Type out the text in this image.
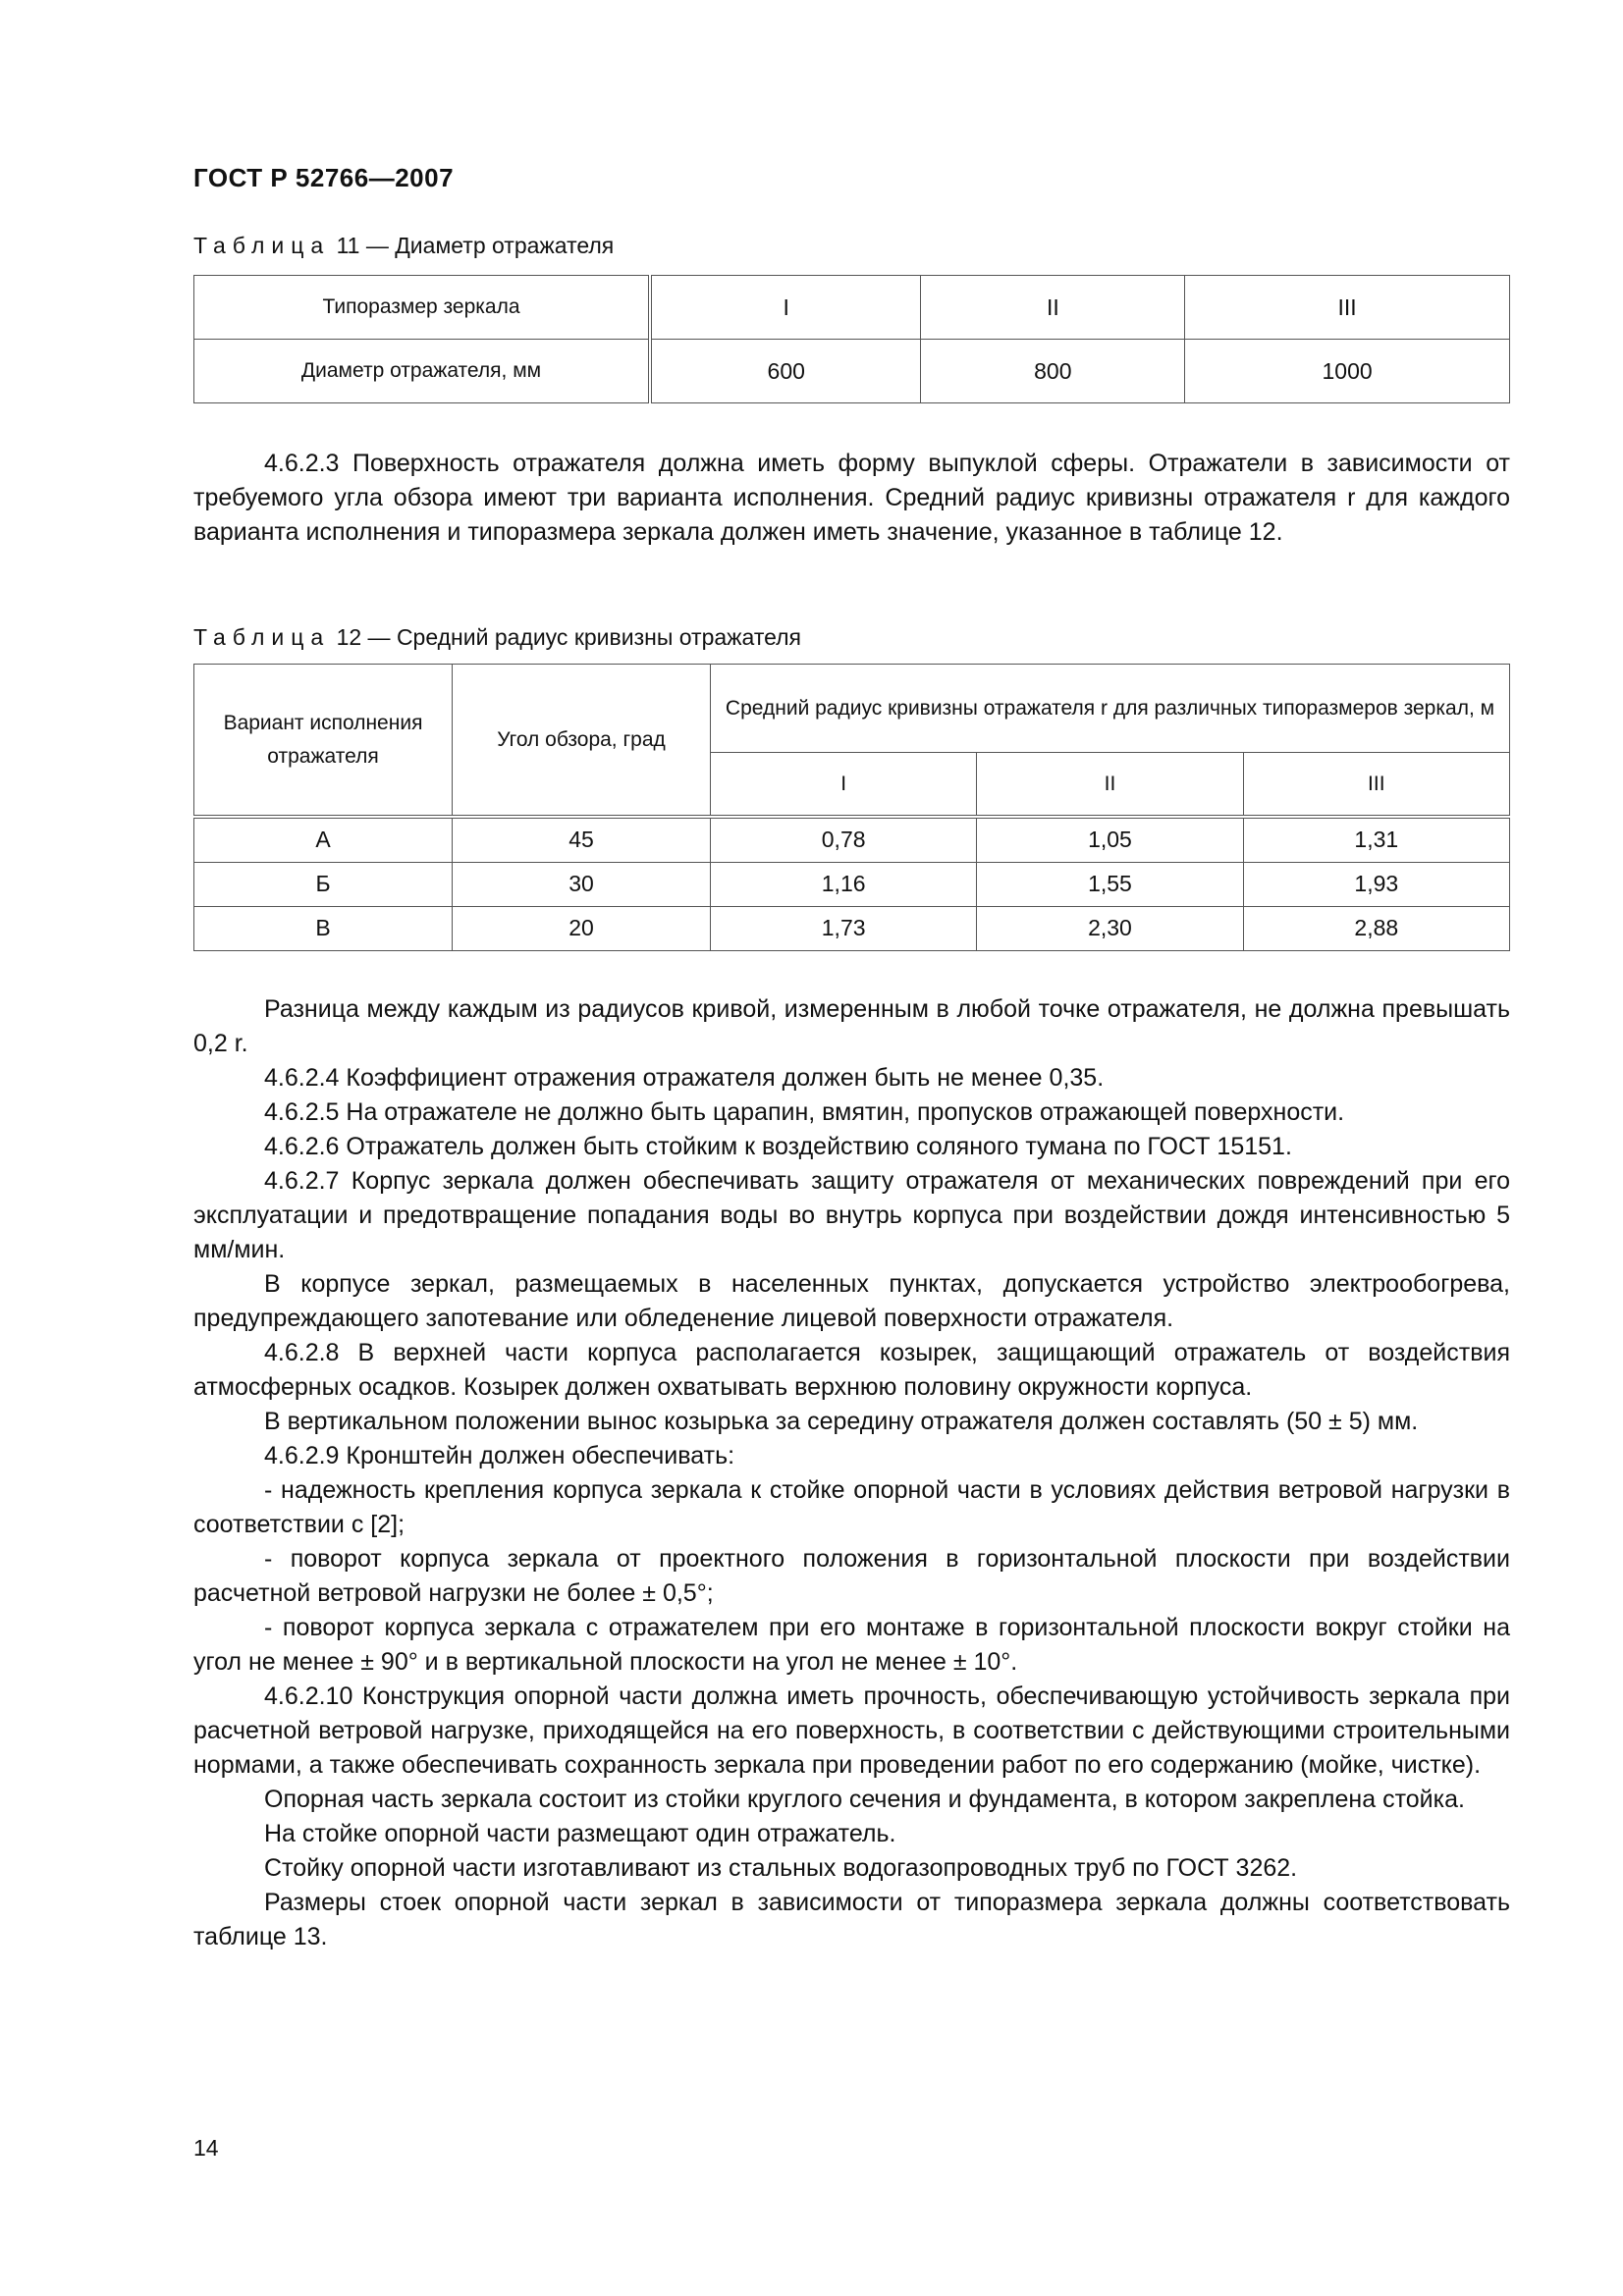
ГОСТ Р 52766—2007
Таблица 11 — Диаметр отражателя
Типоразмер зеркала	I	II	III
Диаметр отражателя, мм	600	800	1000

4.6.2.3 Поверхность отражателя должна иметь форму выпуклой сферы. Отражатели в зависимости от требуемого угла обзора имеют три варианта исполнения. Средний радиус кривизны отражателя r для каждого варианта исполнения и типоразмера зеркала должен иметь значение, указанное в таблице 12.

Таблица 12 — Средний радиус кривизны отражателя
Вариант исполнения отражателя	Угол обзора, град	Средний радиус кривизны отражателя r для различных типоразмеров зеркал, м		
		I	II	III
А	45	0,78	1,05	1,31
Б	30	1,16	1,55	1,93
В	20	1,73	2,30	2,88

Разница между каждым из радиусов кривой, измеренным в любой точке отражателя, не должна превышать 0,2 r.

4.6.2.4 Коэффициент отражения отражателя должен быть не менее 0,35.

4.6.2.5 На отражателе не должно быть царапин, вмятин, пропусков отражающей поверхности.

4.6.2.6 Отражатель должен быть стойким к воздействию соляного тумана по ГОСТ 15151.

4.6.2.7 Корпус зеркала должен обеспечивать защиту отражателя от механических повреждений при его эксплуатации и предотвращение попадания воды во внутрь корпуса при воздействии дождя интенсивностью 5 мм/мин.

В корпусе зеркал, размещаемых в населенных пунктах, допускается устройство электрообогрева, предупреждающего запотевание или обледенение лицевой поверхности отражателя.

4.6.2.8 В верхней части корпуса располагается козырек, защищающий отражатель от воздействия атмосферных осадков. Козырек должен охватывать верхнюю половину окружности корпуса.

В вертикальном положении вынос козырька за середину отражателя должен составлять (50 ± 5) мм.

4.6.2.9 Кронштейн должен обеспечивать:

- надежность крепления корпуса зеркала к стойке опорной части в условиях действия ветровой нагрузки в соответствии с [2];

- поворот корпуса зеркала от проектного положения в горизонтальной плоскости при воздействии расчетной ветровой нагрузки не более ± 0,5°;

- поворот корпуса зеркала с отражателем при его монтаже в горизонтальной плоскости вокруг стойки на угол не менее ± 90° и в вертикальной плоскости на угол не менее ± 10°.

4.6.2.10 Конструкция опорной части должна иметь прочность, обеспечивающую устойчивость зеркала при расчетной ветровой нагрузке, приходящейся на его поверхность, в соответствии с действующими строительными нормами, а также обеспечивать сохранность зеркала при проведении работ по его содержанию (мойке, чистке).

Опорная часть зеркала состоит из стойки круглого сечения и фундамента, в котором закреплена стойка.

На стойке опорной части размещают один отражатель.

Стойку опорной части изготавливают из стальных водогазопроводных труб по ГОСТ 3262.

Размеры стоек опорной части зеркал в зависимости от типоразмера зеркала должны соответствовать таблице 13.

14
